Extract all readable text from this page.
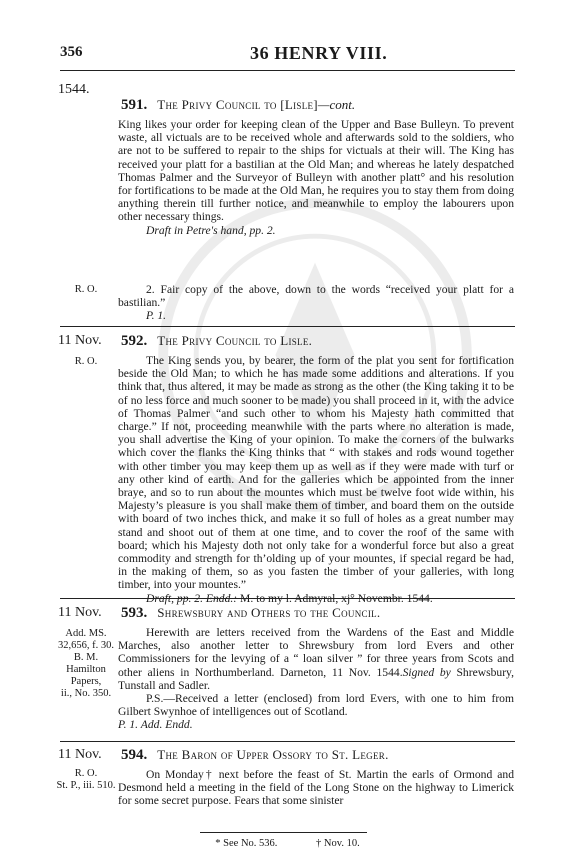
356	36 HENRY VIII.
1544.
591. The Privy Council to [Lisle]—cont.

King likes your order for keeping clean of the Upper and Base Bulleyn. To prevent waste, all victuals are to be received whole and afterwards sold to the soldiers, who are not to be suffered to repair to the ships for victuals at their will. The King has received your platt for a bastilian at the Old Man; and whereas he lately despatched Thomas Palmer and the Surveyor of Bulleyn with another platt° and his resolution for fortifications to be made at the Old Man, he requires you to stay them from doing anything therein till further notice, and meanwhile to employ the labourers upon other necessary things.

Draft in Petre's hand, pp. 2.

R. O.	2. Fair copy of the above, down to the words “received your platt for a bastilian.”

P. 1.

11 Nov.
R. O.
592. The Privy Council to Lisle.

The King sends you, by bearer, the form of the plat you sent for fortification beside the Old Man; to which he has made some additions and alterations. If you think that, thus altered, it may be made as strong as the other (the King taking it to be of no less force and much sooner to be made) you shall proceed in it, with the advice of Thomas Palmer “and such other to whom his Majesty hath committed that charge.” If not, proceeding meanwhile with the parts where no alteration is made, you shall advertise the King of your opinion. To make the corners of the bulwarks which cover the flanks the King thinks that “ with stakes and rods wound together with other timber you may keep them up as well as if they were made with turf or any other kind of earth. And for the galleries which be appointed from the inner braye, and so to run about the mountes which must be twelve foot wide within, his Majesty’s pleasure is you shall make them of timber, and board them on the outside with board of two inches thick, and make it so full of holes as a great number may stand and shoot out of them at one time, and to cover the roof of the same with board; which his Majesty doth not only take for a wonderful force but also a great commodity and strength for th’olding up of your mountes, if special regard be had, in the making of them, so as you fasten the timber of your galleries, with long timber, into your mountes.”

Draft, pp. 2. Endd.: M. to my l. Admyral, xj° Novembr. 1544.

11 Nov.
Add. MS.
32,656, f. 30.
B. M.
Hamilton
Papers,
ii., No. 350.
593. Shrewsbury and Others to the Council.

Herewith are letters received from the Wardens of the East and Middle Marches, also another letter to Shrewsbury from lord Evers and other Commissioners for the levying of a “ loan silver ” for three years from Scots and other aliens in Northumberland. Darneton, 11 Nov. 1544.Signed by Shrewsbury, Tunstall and Sadler.

P.S.—Received a letter (enclosed) from lord Evers, with one to him from Gilbert Swynhoe of intelligences out of Scotland.

P. 1. Add. Endd.

11 Nov.
R. O.
St. P., iii. 510.
594. The Baron of Upper Ossory to St. Leger.

On Monday† next before the feast of St. Martin the earls of Ormond and Desmond held a meeting in the field of the Long Stone on the highway to Limerick for some secret purpose. Fears that some sinister

* See No. 536.	† Nov. 10.
